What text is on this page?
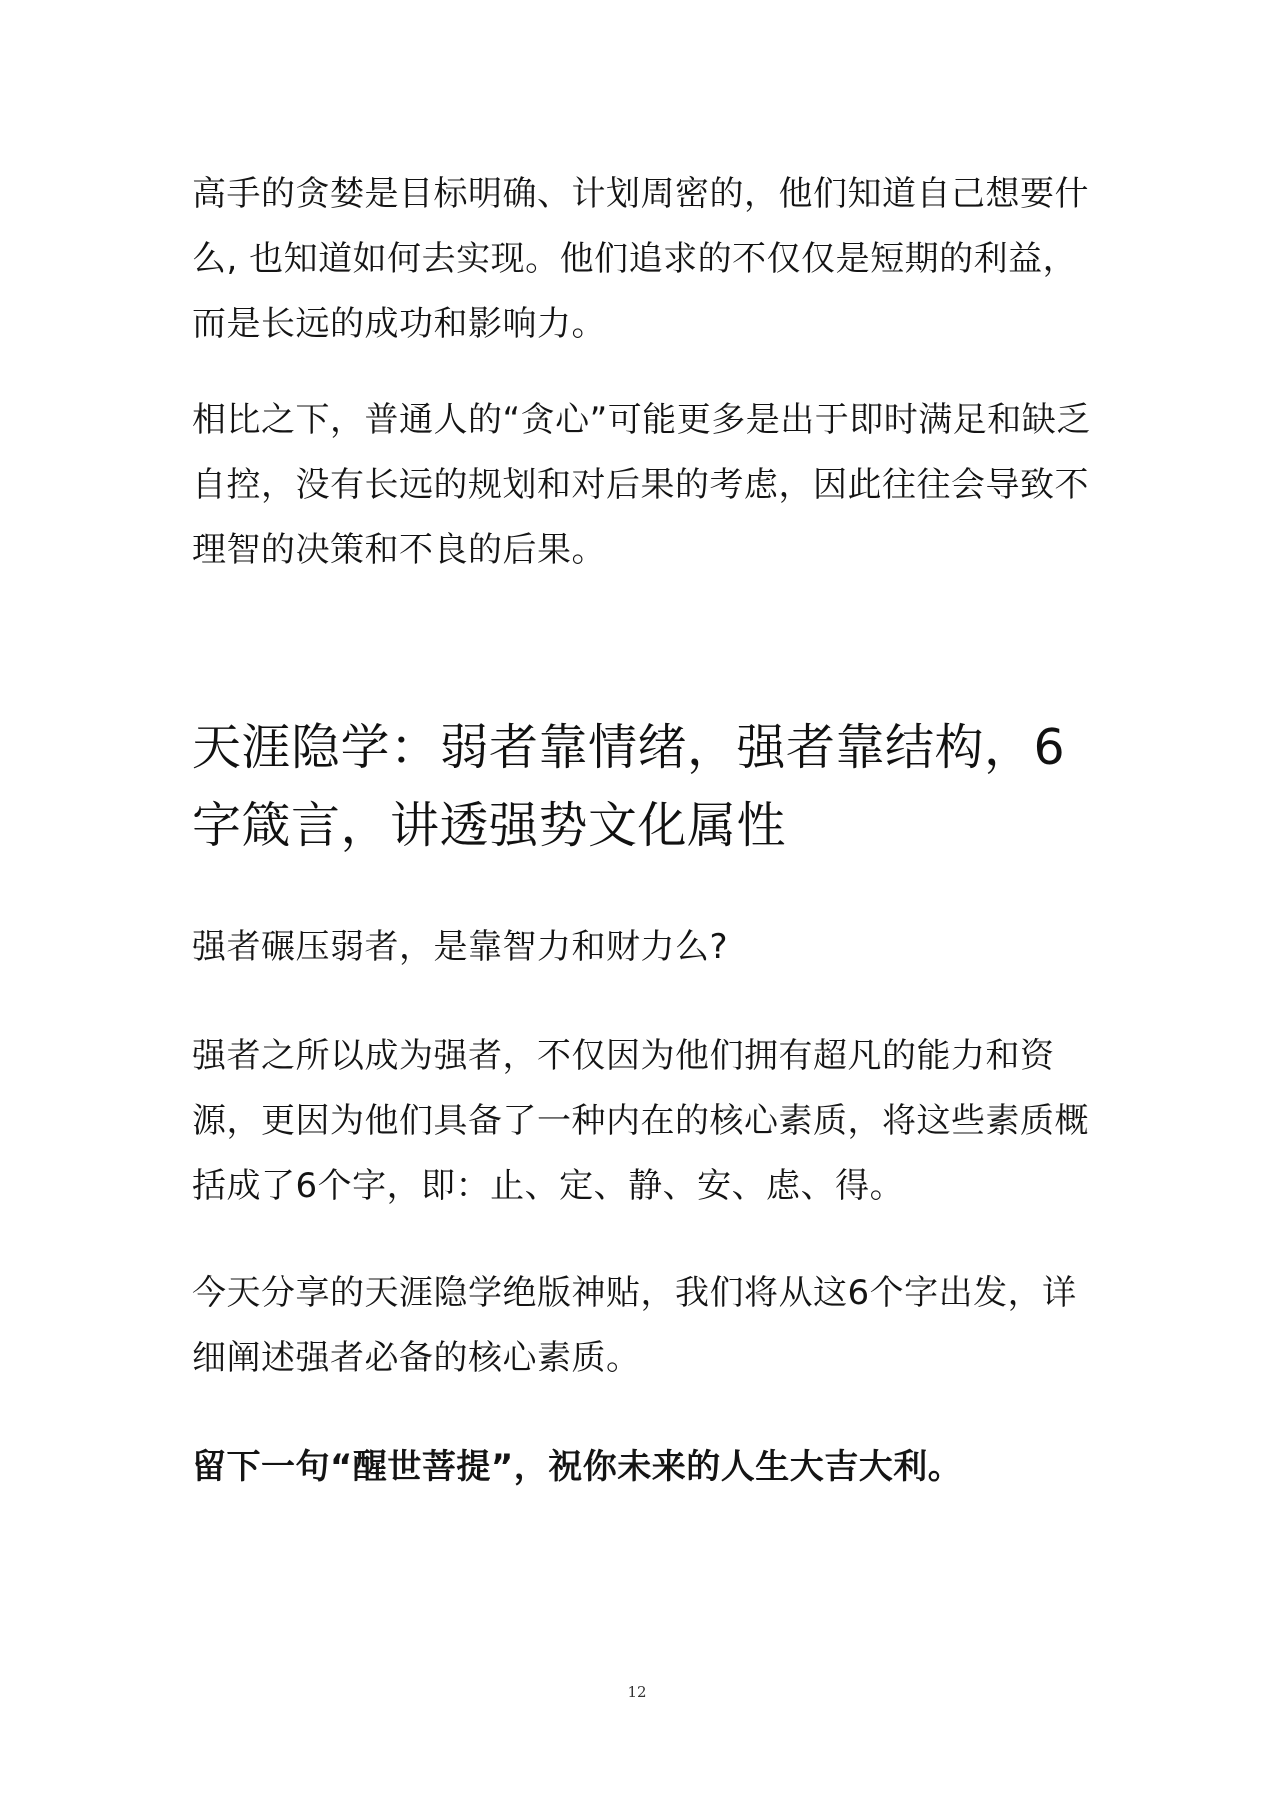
高手的贪婪是目标明确、计划周密的，他们知道自己想要什么, 也知道如何去实现。他们追求的不仅仅是短期的利益，而是长远的成功和影响力。

相比之下，普通人的“贪心”可能更多是出于即时满足和缺乏自控，没有长远的规划和对后果的考虑，因此往往会导致不理智的决策和不良的后果。

天涯隐学：弱者靠情绪，强者靠结构，6字箴言，讲透强势文化属性

强者碾压弱者，是靠智力和财力么?

强者之所以成为强者，不仅因为他们拥有超凡的能力和资源，更因为他们具备了一种内在的核心素质，将这些素质概括成了6个字，即：止、定、静、安、虑、得。

今天分享的天涯隐学绝版神贴，我们将从这6个字出发，详细阐述强者必备的核心素质。

留下一句“醒世菩提”，祝你未来的人生大吉大利。

12
